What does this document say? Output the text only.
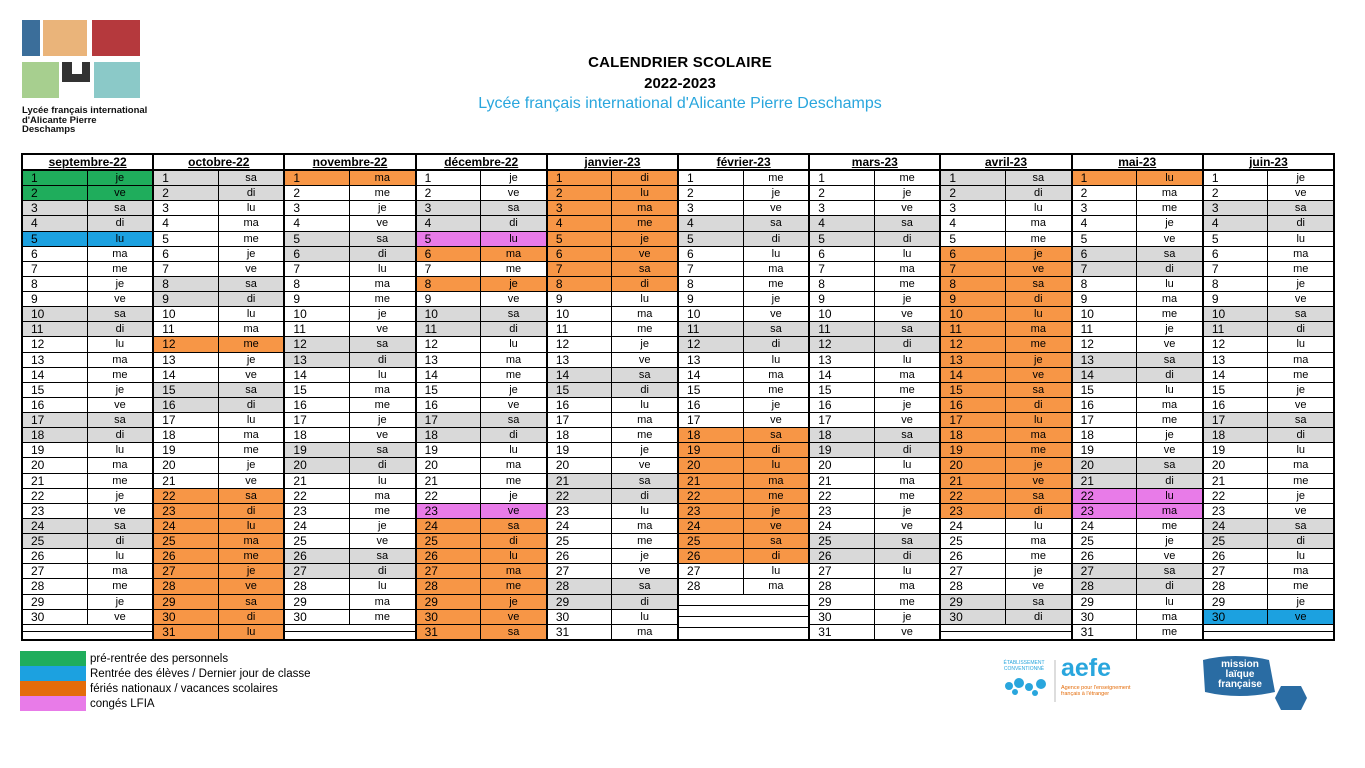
Lycée français international d'Alicante Pierre Deschamps
CALENDRIER SCOLAIRE
2022-2023
Lycée français international d'Alicante Pierre Deschamps
septembre-22
1	je
2	ve
3	sa
4	di
5	lu
6	ma
7	me
8	je
9	ve
10	sa
11	di
12	lu
13	ma
14	me
15	je
16	ve
17	sa
18	di
19	lu
20	ma
21	me
22	je
23	ve
24	sa
25	di
26	lu
27	ma
28	me
29	je
30	ve
octobre-22
1	sa
2	di
3	lu
4	ma
5	me
6	je
7	ve
8	sa
9	di
10	lu
11	ma
12	me
13	je
14	ve
15	sa
16	di
17	lu
18	ma
19	me
20	je
21	ve
22	sa
23	di
24	lu
25	ma
26	me
27	je
28	ve
29	sa
30	di
31	lu
novembre-22
1	ma
2	me
3	je
4	ve
5	sa
6	di
7	lu
8	ma
9	me
10	je
11	ve
12	sa
13	di
14	lu
15	ma
16	me
17	je
18	ve
19	sa
20	di
21	lu
22	ma
23	me
24	je
25	ve
26	sa
27	di
28	lu
29	ma
30	me
décembre-22
1	je
2	ve
3	sa
4	di
5	lu
6	ma
7	me
8	je
9	ve
10	sa
11	di
12	lu
13	ma
14	me
15	je
16	ve
17	sa
18	di
19	lu
20	ma
21	me
22	je
23	ve
24	sa
25	di
26	lu
27	ma
28	me
29	je
30	ve
31	sa
janvier-23
1	di
2	lu
3	ma
4	me
5	je
6	ve
7	sa
8	di
9	lu
10	ma
11	me
12	je
13	ve
14	sa
15	di
16	lu
17	ma
18	me
19	je
20	ve
21	sa
22	di
23	lu
24	ma
25	me
26	je
27	ve
28	sa
29	di
30	lu
31	ma
février-23
1	me
2	je
3	ve
4	sa
5	di
6	lu
7	ma
8	me
9	je
10	ve
11	sa
12	di
13	lu
14	ma
15	me
16	je
17	ve
18	sa
19	di
20	lu
21	ma
22	me
23	je
24	ve
25	sa
26	di
27	lu
28	ma
mars-23
1	me
2	je
3	ve
4	sa
5	di
6	lu
7	ma
8	me
9	je
10	ve
11	sa
12	di
13	lu
14	ma
15	me
16	je
17	ve
18	sa
19	di
20	lu
21	ma
22	me
23	je
24	ve
25	sa
26	di
27	lu
28	ma
29	me
30	je
31	ve
avril-23
1	sa
2	di
3	lu
4	ma
5	me
6	je
7	ve
8	sa
9	di
10	lu
11	ma
12	me
13	je
14	ve
15	sa
16	di
17	lu
18	ma
19	me
20	je
21	ve
22	sa
23	di
24	lu
25	ma
26	me
27	je
28	ve
29	sa
30	di
mai-23
1	lu
2	ma
3	me
4	je
5	ve
6	sa
7	di
8	lu
9	ma
10	me
11	je
12	ve
13	sa
14	di
15	lu
16	ma
17	me
18	je
19	ve
20	sa
21	di
22	lu
23	ma
24	me
25	je
26	ve
27	sa
28	di
29	lu
30	ma
31	me
juin-23
1	je
2	ve
3	sa
4	di
5	lu
6	ma
7	me
8	je
9	ve
10	sa
11	di
12	lu
13	ma
14	me
15	je
16	ve
17	sa
18	di
19	lu
20	ma
21	me
22	je
23	ve
24	sa
25	di
26	lu
27	ma
28	me
29	je
30	ve
pré-rentrée des personnels
Rentrée des élèves / Dernier jour de classe
fériés nationaux / vacances scolaires
congés LFIA
ÉTABLISSEMENT CONVENTIONNÉ aefe
Agence pour l'enseignement français à l'étranger
mission laïque française
